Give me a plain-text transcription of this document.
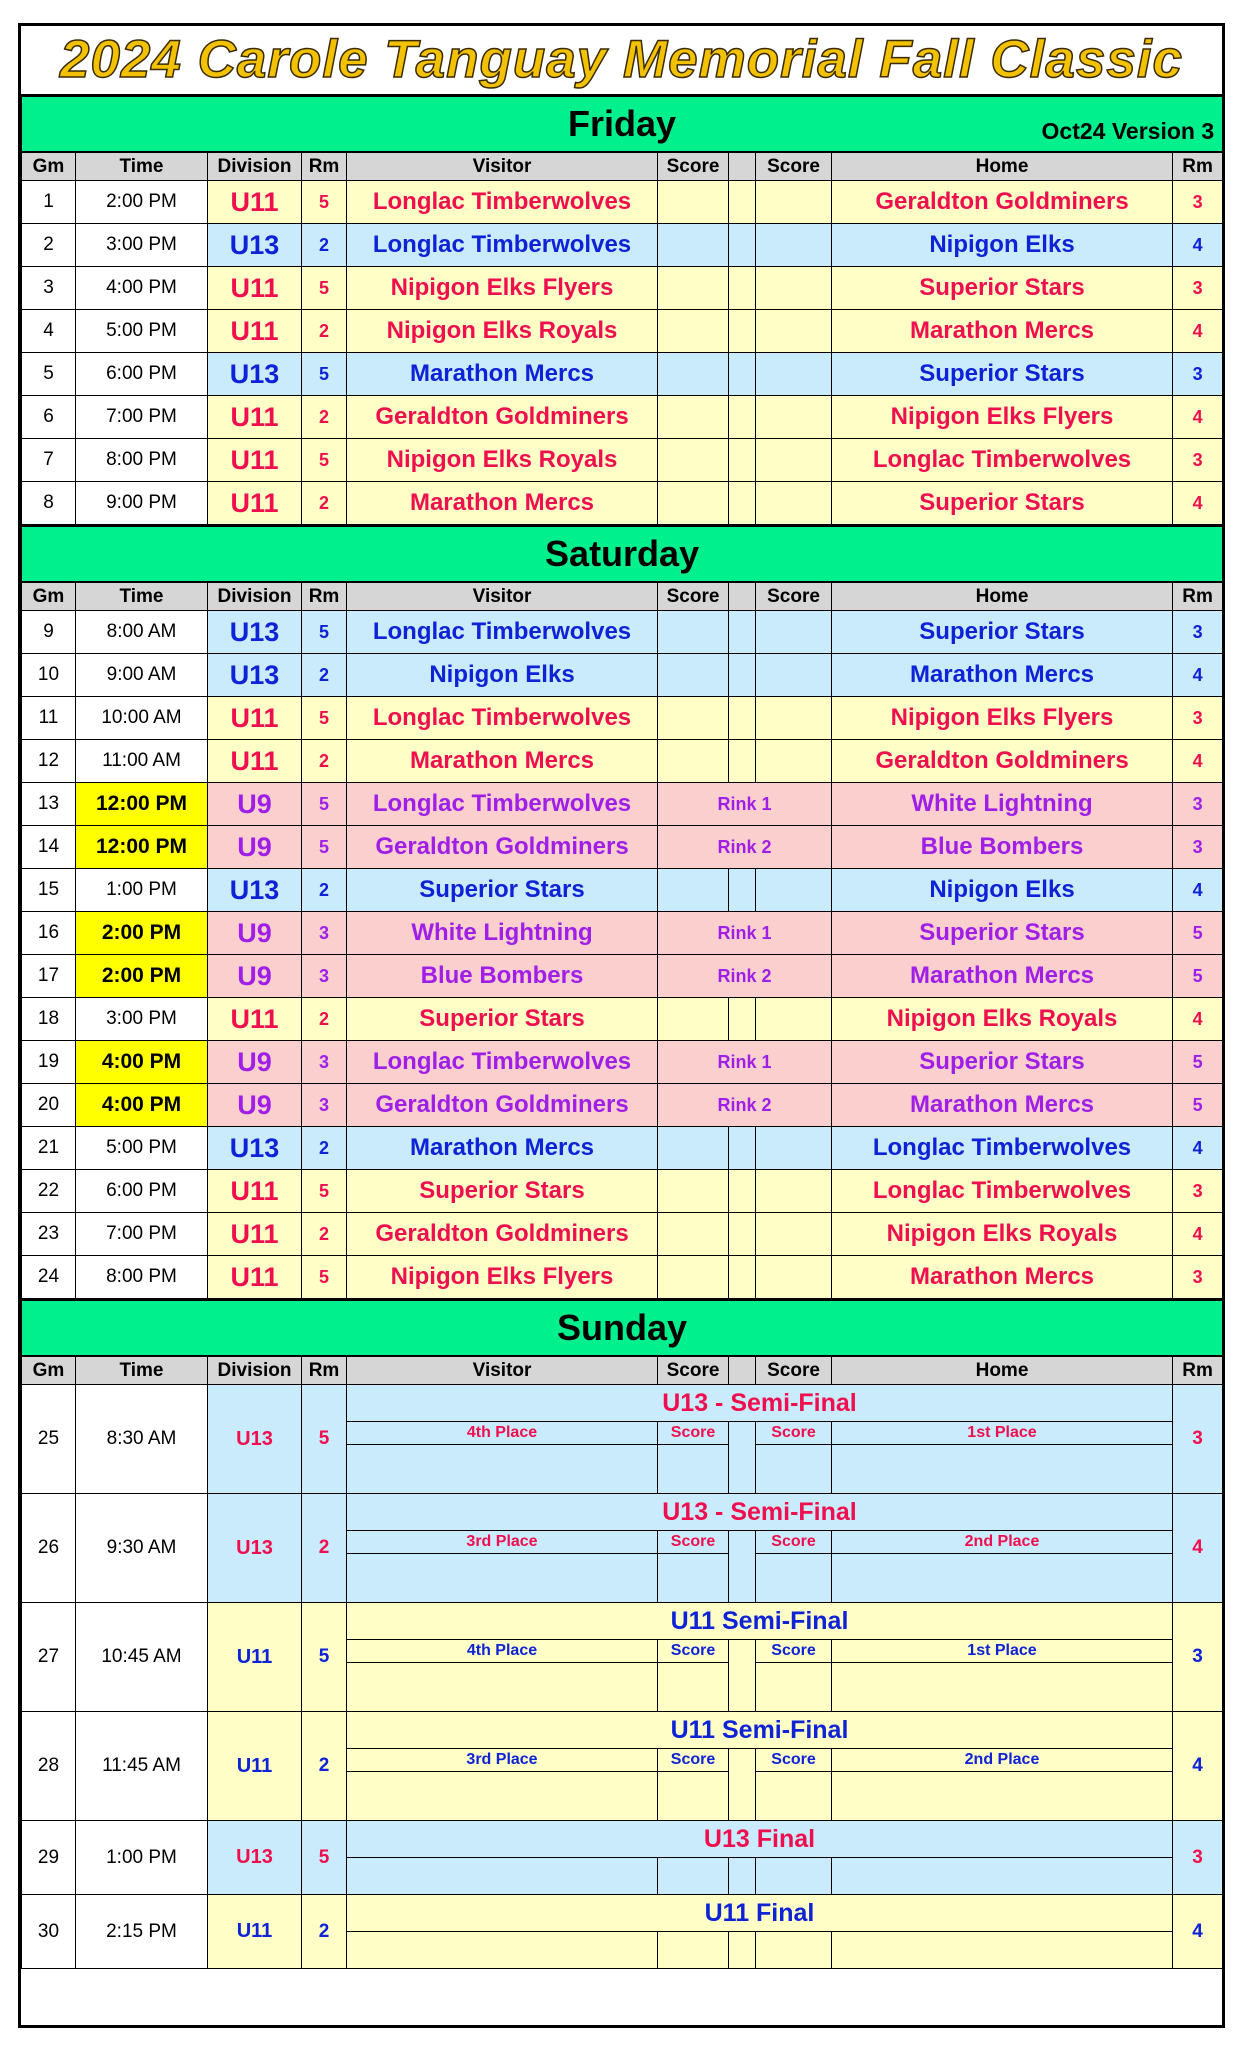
2024 Carole Tanguay Memorial Fall Classic
Friday Oct24 Version 3									

Gm	Time	Division	Rm	Visitor	Score		Score	Home	Rm
1	2:00 PM	U11	5	Longlac Timberwolves				Geraldton Goldminers	3
2	3:00 PM	U13	2	Longlac Timberwolves				Nipigon Elks	4
3	4:00 PM	U11	5	Nipigon Elks Flyers				Superior Stars	3
4	5:00 PM	U11	2	Nipigon Elks Royals				Marathon Mercs	4
5	6:00 PM	U13	5	Marathon Mercs				Superior Stars	3
6	7:00 PM	U11	2	Geraldton Goldminers				Nipigon Elks Flyers	4
7	8:00 PM	U11	5	Nipigon Elks Royals				Longlac Timberwolves	3
8	9:00 PM	U11	2	Marathon Mercs				Superior Stars	4
Saturday									
Gm	Time	Division	Rm	Visitor	Score		Score	Home	Rm
9	8:00 AM	U13	5	Longlac Timberwolves				Superior Stars	3
10	9:00 AM	U13	2	Nipigon Elks				Marathon Mercs	4
11	10:00 AM	U11	5	Longlac Timberwolves				Nipigon Elks Flyers	3
12	11:00 AM	U11	2	Marathon Mercs				Geraldton Goldminers	4
13	12:00 PM	U9	5	Longlac Timberwolves	Rink 1			White Lightning	3
14	12:00 PM	U9	5	Geraldton Goldminers	Rink 2			Blue Bombers	3
15	1:00 PM	U13	2	Superior Stars				Nipigon Elks	4
16	2:00 PM	U9	3	White Lightning	Rink 1			Superior Stars	5
17	2:00 PM	U9	3	Blue Bombers	Rink 2			Marathon Mercs	5
18	3:00 PM	U11	2	Superior Stars				Nipigon Elks Royals	4
19	4:00 PM	U9	3	Longlac Timberwolves	Rink 1			Superior Stars	5
20	4:00 PM	U9	3	Geraldton Goldminers	Rink 2			Marathon Mercs	5
21	5:00 PM	U13	2	Marathon Mercs				Longlac Timberwolves	4
22	6:00 PM	U11	5	Superior Stars				Longlac Timberwolves	3
23	7:00 PM	U11	2	Geraldton Goldminers				Nipigon Elks Royals	4
24	8:00 PM	U11	5	Nipigon Elks Flyers				Marathon Mercs	3
Sunday									
Gm	Time	Division	Rm	Visitor	Score		Score	Home	Rm
25	8:30 AM	U13	5	U13 - Semi-Final					3
				4th Place	Score		Score	1st Place	

26	9:30 AM	U13	2	U13 - Semi-Final					4
				3rd Place	Score		Score	2nd Place	

27	10:45 AM	U11	5	U11 Semi-Final					3
				4th Place	Score		Score	1st Place	

28	11:45 AM	U11	2	U11 Semi-Final					4
				3rd Place	Score		Score	2nd Place	

29	1:00 PM	U13	5	U13 Final					3

30	2:15 PM	U11	2	U11 Final					4
